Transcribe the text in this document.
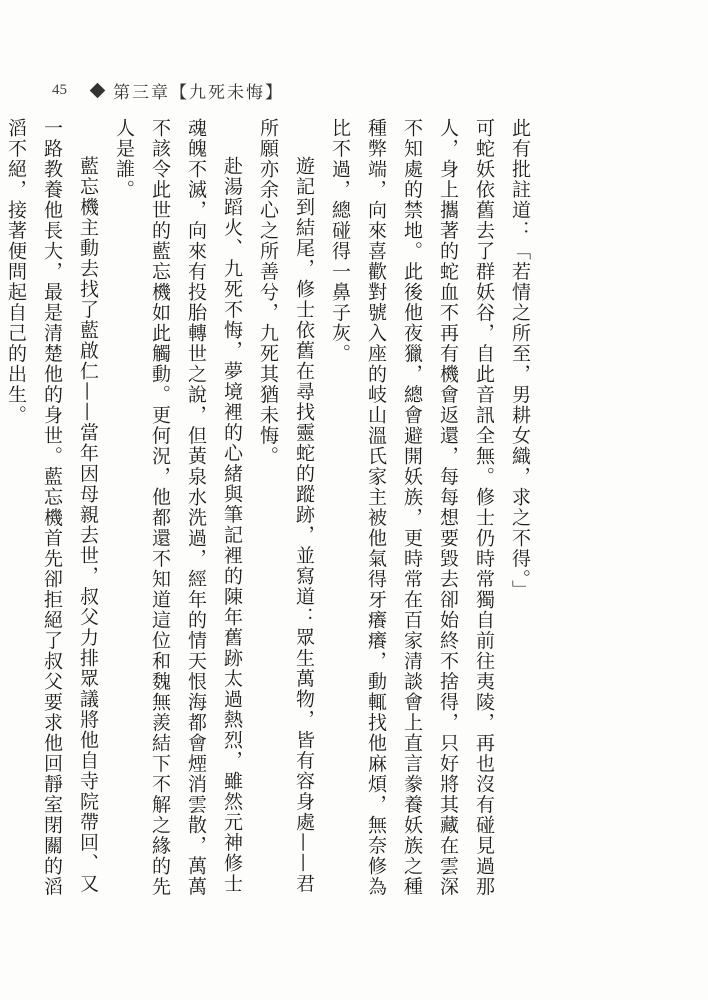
45	第三章【九死未悔】

此有批註道：「若情之所至，男耕女織，求之不得。」

可蛇妖依舊去了群妖谷，自此音訊全無。修士仍時常獨自前往夷陵，再也沒有碰見過那人，身上攜著的蛇血不再有機會返還，每每想要毀去卻始終不捨得，只好將其藏在雲深不知處的禁地。此後他夜獵，總會避開妖族，更時常在百家清談會上直言豢養妖族之種種弊端，向來喜歡對號入座的岐山溫氏家主被他氣得牙癢癢，動輒找他麻煩，無奈修為比不過，總碰得一鼻子灰。

遊記到結尾，修士依舊在尋找靈蛇的蹤跡，並寫道：眾生萬物，皆有容身處——君所願亦余心之所善兮，九死其猶未悔。

赴湯蹈火、九死不悔，夢境裡的心緒與筆記裡的陳年舊跡太過熱烈，雖然元神修士魂魄不滅，向來有投胎轉世之說，但黃泉水洗過，經年的情天恨海都會煙消雲散，萬萬不該令此世的藍忘機如此觸動。更何況，他都還不知道這位和魏無羨結下不解之緣的先人是誰。

藍忘機主動去找了藍啟仁——當年因母親去世，叔父力排眾議將他自寺院帶回、又一路教養他長大，最是清楚他的身世。藍忘機首先卻拒絕了叔父要求他回靜室閉關的滔滔不絕，接著便問起自己的出生。
